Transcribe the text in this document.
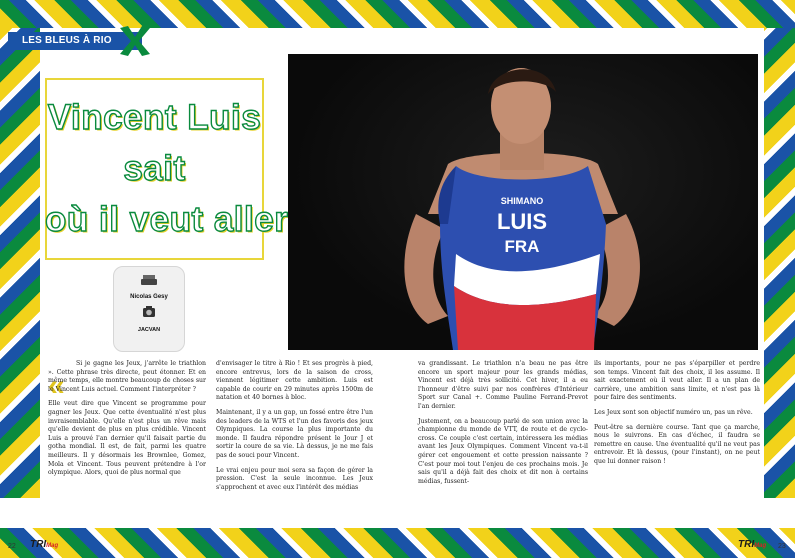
LES BLEUS À RIO
Vincent Luis
sait
où il veut aller
Nicolas Gesy
JACVAN
SHIMANO
LUIS
FRA
«

Si je gagne les Jeux, j'arrête le triathlon ». Cette phrase très directe, peut étonner. Et en même temps, elle montre beaucoup de choses sur le Vincent Luis actuel. Comment l'interpréter ?

Elle veut dire que Vincent se programme pour gagner les Jeux. Que cette éventualité n'est plus invraisemblable. Qu'elle n'est plus un rêve mais qu'elle devient de plus en plus crédible. Vincent Luis a prouvé l'an dernier qu'il faisait partie du gotha mondial. Il est, de fait, parmi les quatre meilleurs. Il y désormais les Brownlee, Gomez, Mola et Vincent. Tous peuvent prétendre à l'or olympique. Alors, quoi de plus normal que

d'envisager le titre à Rio ! Et ses progrès à pied, encore entrevus, lors de la saison de cross, viennent légitimer cette ambition. Luis est capable de courir en 29 minutes après 1500m de natation et 40 bornes à bloc.

Maintenant, il y a un gap, un fossé entre être l'un des leaders de la WTS et l'un des favoris des jeux Olympiques. La course la plus importante du monde. Il faudra répondre présent le Jour J et sortir la coure de sa vie. Là dessus, je ne me fais pas de souci pour Vincent.

Le vrai enjeu pour moi sera sa façon de gérer la pression. C'est la seule inconnue. Les Jeux s'approchent et avec eux l'intérêt des médias

va grandissant. Le triathlon n'a beau ne pas être encore un sport majeur pour les grands médias, Vincent est déjà très sollicité. Cet hiver, il a eu l'honneur d'être suivi par nos confrères d'Intérieur Sport sur Canal +. Comme Pauline Ferrand-Prevot l'an dernier.

Justement, on a beaucoup parlé de son union avec la championne du monde de VTT, de route et de cyclo-cross. Ce couple c'est certain, intéressera les médias avant les Jeux Olympiques. Comment Vincent va-t-il gérer cet engouement et cette pression naissante ? C'est pour moi tout l'enjeu de ces prochains mois. Je sais qu'il a déjà fait des choix et dit non à certains médias, fussent-

ils importants, pour ne pas s'éparpiller et perdre son temps. Vincent fait des choix, il les assume. Il sait exactement où il veut aller. Il a un plan de carrière, une ambition sans limite, et n'est pas là pour faire des sentiments.

Les Jeux sont son objectif numéro un, pas un rêve.

Peut-être sa dernière course. Tant que ça marche, nous le suivrons. En cas d'échec, il faudra se remettre en cause. Une éventualité qu'il ne veut pas entrevoir. Et là dessus, (pour l'instant), on ne peut que lui donner raison !

22 TRIMag	TRIMag 23
